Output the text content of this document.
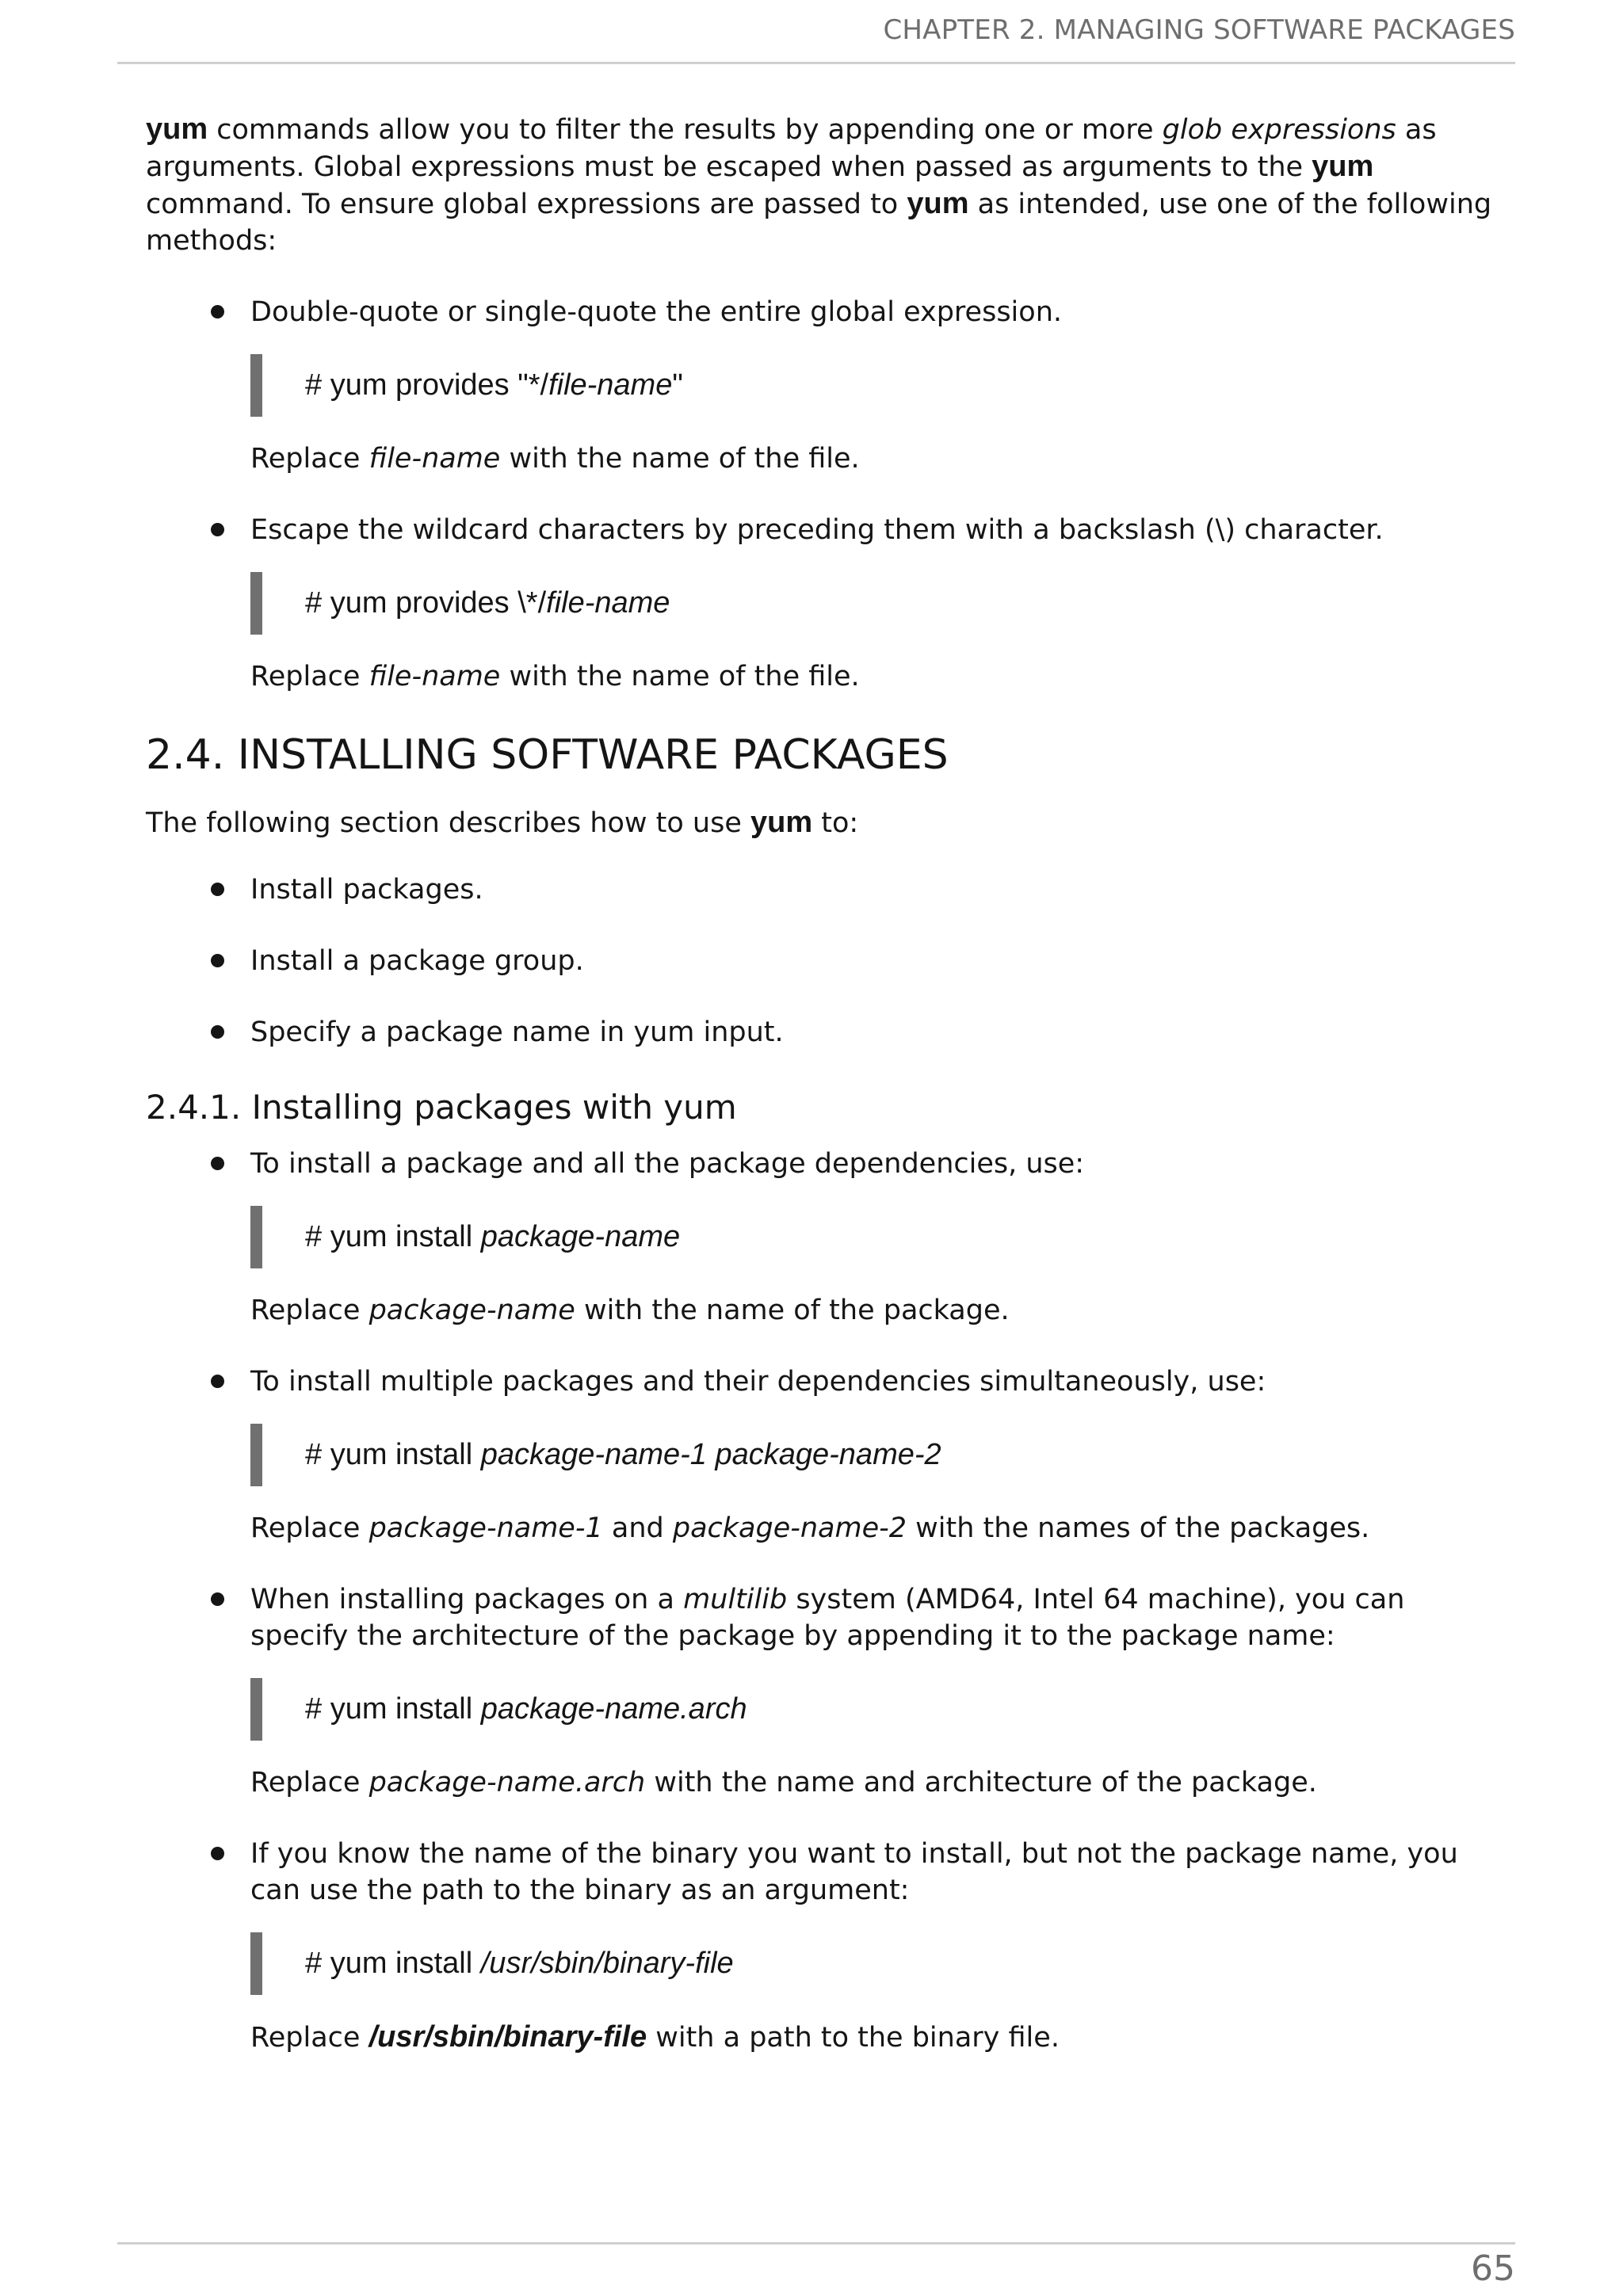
CHAPTER 2. MANAGING SOFTWARE PACKAGES

yum commands allow you to filter the results by appending one or more glob expressions as arguments. Global expressions must be escaped when passed as arguments to the yum command. To ensure global expressions are passed to yum as intended, use one of the following methods:

Double-quote or single-quote the entire global expression.

# yum provides "*/file-name"

Replace file-name with the name of the file.

Escape the wildcard characters by preceding them with a backslash (\) character.

# yum provides \*/file-name

Replace file-name with the name of the file.

2.4. INSTALLING SOFTWARE PACKAGES

The following section describes how to use yum to:

Install packages.
Install a package group.
Specify a package name in yum input.
2.4.1. Installing packages with yum

To install a package and all the package dependencies, use:

# yum install package-name

Replace package-name with the name of the package.

To install multiple packages and their dependencies simultaneously, use:

# yum install package-name-1 package-name-2

Replace package-name-1 and package-name-2 with the names of the packages.

When installing packages on a multilib system (AMD64, Intel 64 machine), you can specify the architecture of the package by appending it to the package name:

# yum install package-name.arch

Replace package-name.arch with the name and architecture of the package.

If you know the name of the binary you want to install, but not the package name, you can use the path to the binary as an argument:

# yum install /usr/sbin/binary-file

Replace /usr/sbin/binary-file with a path to the binary file.

65
